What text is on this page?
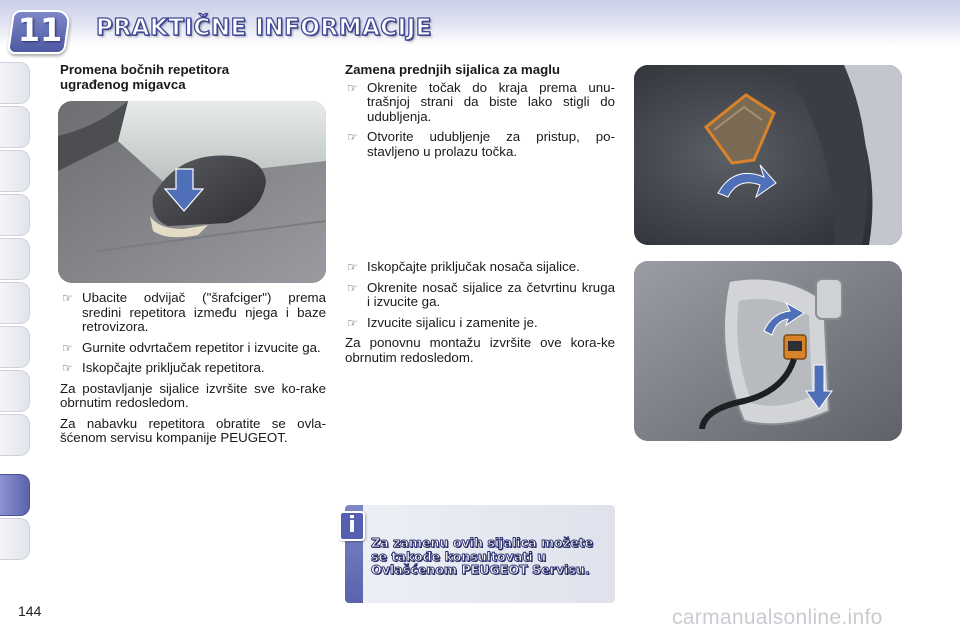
11 PRAKTIČNE INFORMACIJE
Promena bočnih repetitora
ugrađenog migavca
☞ Ubacite odvijač ("šrafciger") prema sredini repetitora između njega i baze retrovizora.
☞ Gurnite odvrtačem repetitor i izvucite ga.
☞ Iskopčajte priključak repetitora.
Za postavljanje sijalice izvršite sve ko-rake obrnutim redosledom.
Za nabavku repetitora obratite se ovla-šćenom servisu kompanije PEUGEOT.
Zamena prednjih sijalica za maglu
☞ Okrenite točak do kraja prema unu-trašnjoj strani da biste lako stigli do udubljenja.
☞ Otvorite udubljenje za pristup, po-stavljeno u prolazu točka.
☞ Iskopčajte priključak nosača sijalice.
☞ Okrenite nosač sijalice za četvrtinu kruga i izvucite ga.
☞ Izvucite sijalicu i zamenite je.
Za ponovnu montažu izvršite ove kora-ke obrnutim redosledom.
i
Za zamenu ovih sijalica možete se takođe konsultovati u Ovlašćenom PEUGEOT Servisu.
144	carmanualsonline.info
